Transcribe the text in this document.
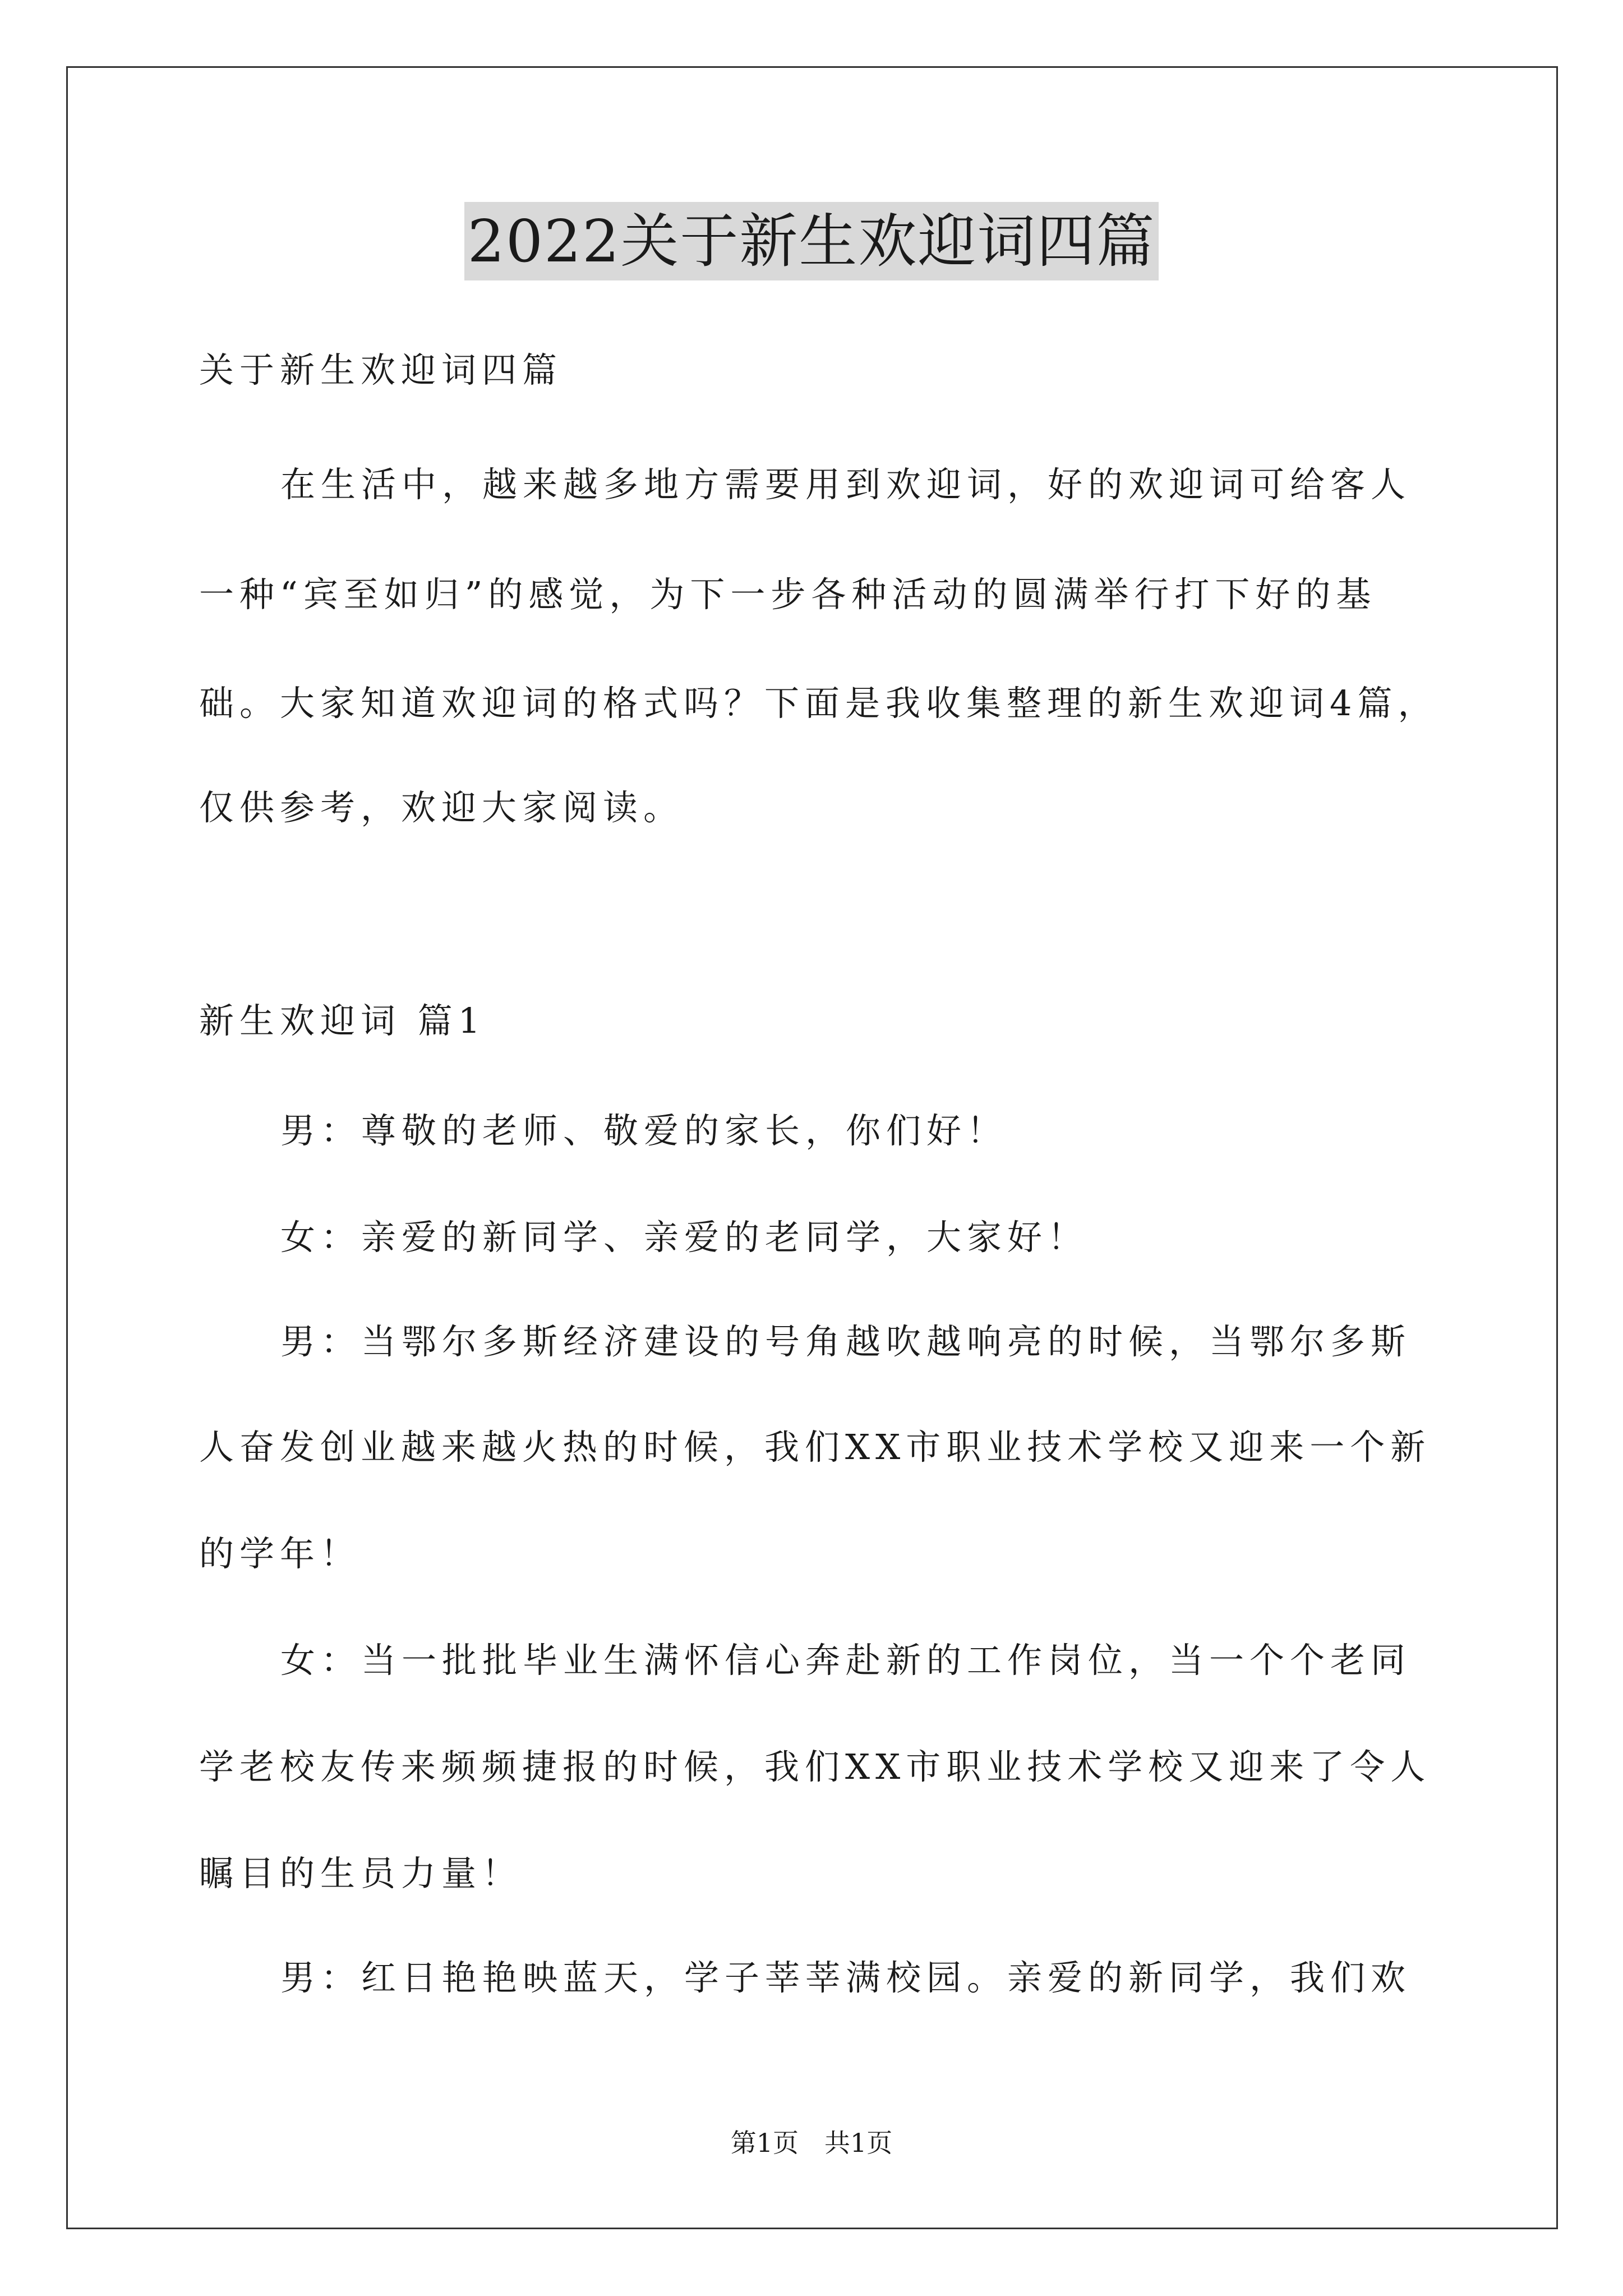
2022关于新生欢迎词四篇
关于新生欢迎词四篇
在生活中，越来越多地方需要用到欢迎词，好的欢迎词可给客人
一种“宾至如归”的感觉，为下一步各种活动的圆满举行打下好的基
础。大家知道欢迎词的格式吗？下面是我收集整理的新生欢迎词4篇，
仅供参考，欢迎大家阅读。
新生欢迎词 篇1
男：尊敬的老师、敬爱的家长，你们好！
女：亲爱的新同学、亲爱的老同学，大家好！
男：当鄂尔多斯经济建设的号角越吹越响亮的时候，当鄂尔多斯
人奋发创业越来越火热的时候，我们XX市职业技术学校又迎来一个新
的学年！
女：当一批批毕业生满怀信心奔赴新的工作岗位，当一个个老同
学老校友传来频频捷报的时候，我们XX市职业技术学校又迎来了令人
瞩目的生员力量！
男：红日艳艳映蓝天，学子莘莘满校园。亲爱的新同学，我们欢
第1页　共1页
